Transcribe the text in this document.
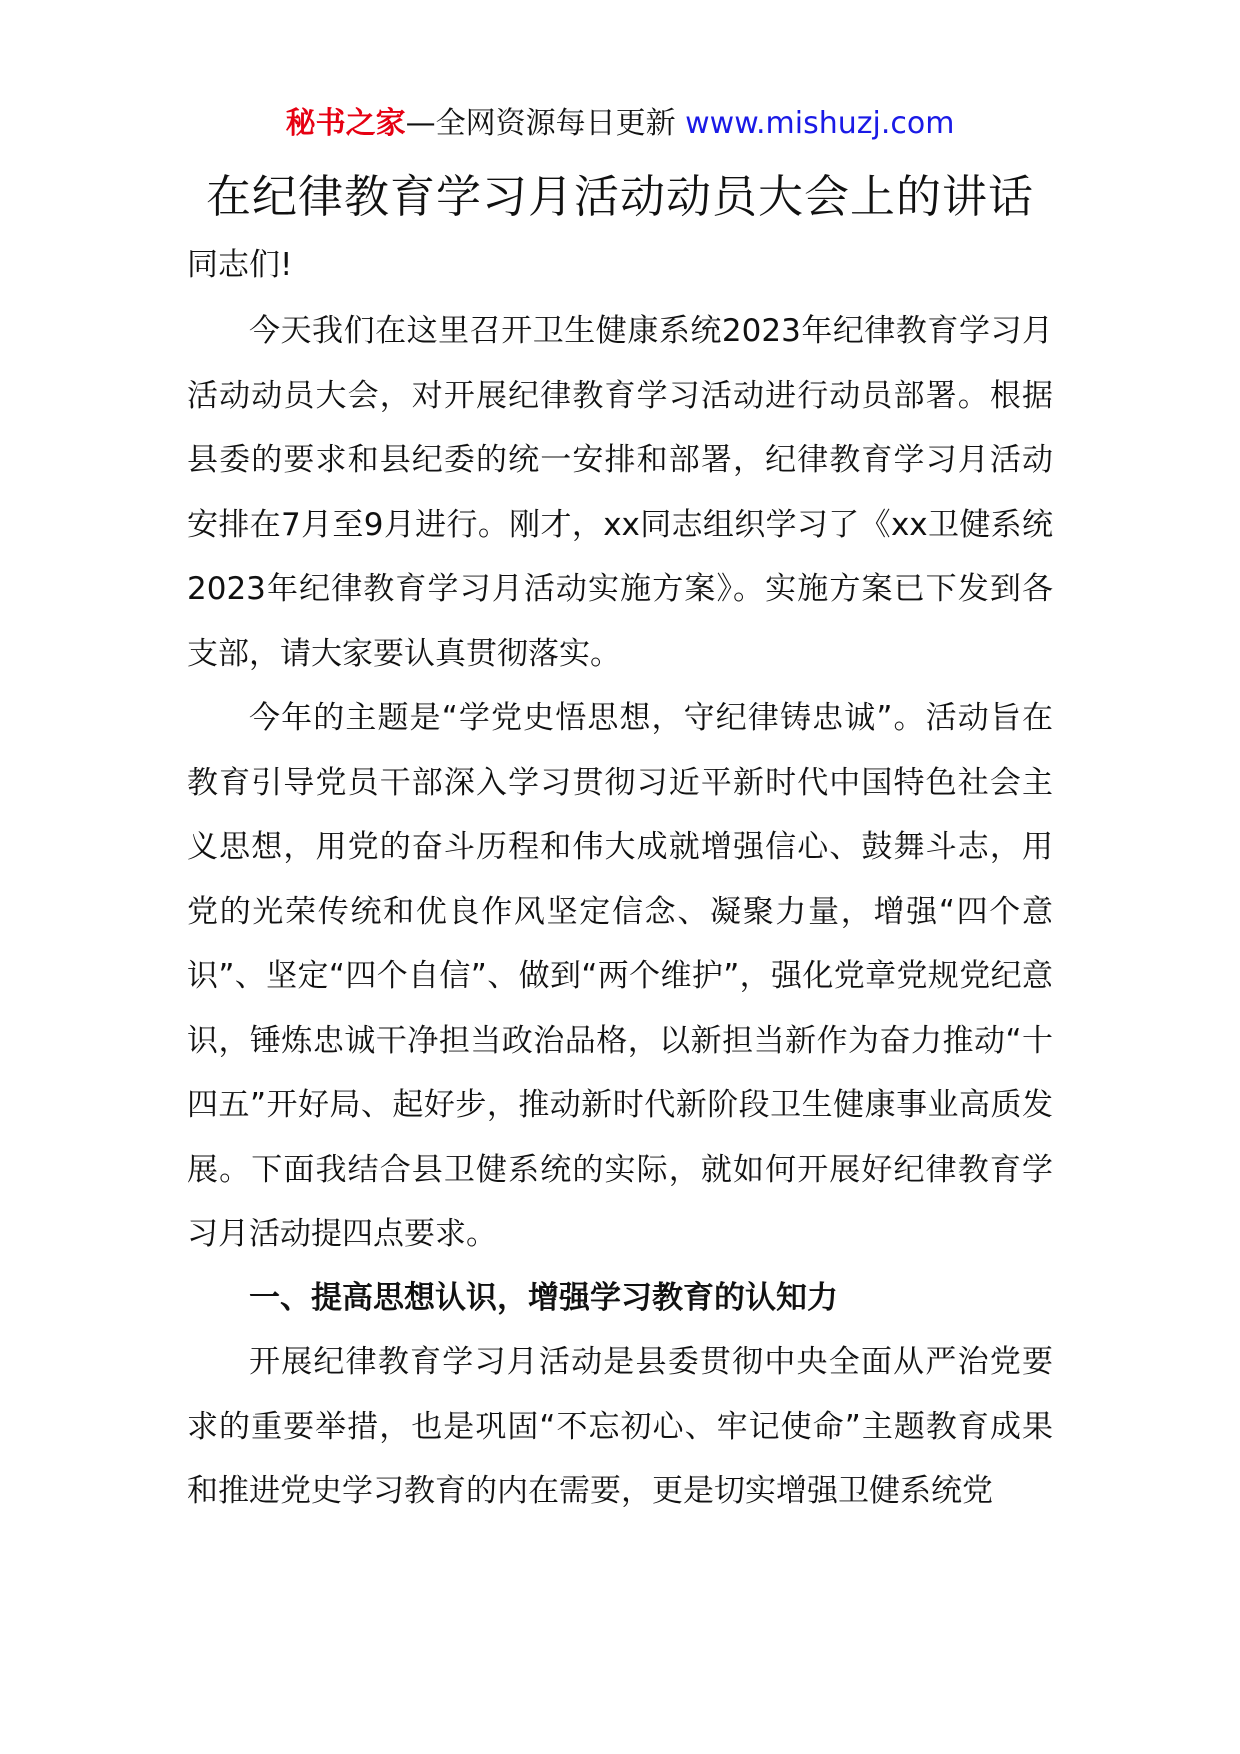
秘书之家—全网资源每日更新 www.mishuzj.com
在纪律教育学习月活动动员大会上的讲话
同志们!

今天我们在这里召开卫生健康系统2023年纪律教育学习月活动动员大会，对开展纪律教育学习活动进行动员部署。根据县委的要求和县纪委的统一安排和部署，纪律教育学习月活动安排在7月至9月进行。刚才，xx同志组织学习了《xx卫健系统2023年纪律教育学习月活动实施方案》。实施方案已下发到各支部，请大家要认真贯彻落实。

今年的主题是“学党史悟思想，守纪律铸忠诚”。活动旨在教育引导党员干部深入学习贯彻习近平新时代中国特色社会主义思想，用党的奋斗历程和伟大成就增强信心、鼓舞斗志，用党的光荣传统和优良作风坚定信念、凝聚力量，增强“四个意识”、坚定“四个自信”、做到“两个维护”，强化党章党规党纪意识，锤炼忠诚干净担当政治品格，以新担当新作为奋力推动“十四五”开好局、起好步，推动新时代新阶段卫生健康事业高质发展。下面我结合县卫健系统的实际，就如何开展好纪律教育学习月活动提四点要求。

一、提高思想认识，增强学习教育的认知力

开展纪律教育学习月活动是县委贯彻中央全面从严治党要求的重要举措，也是巩固“不忘初心、牢记使命”主题教育成果和推进党史学习教育的内在需要，更是切实增强卫健系统党
